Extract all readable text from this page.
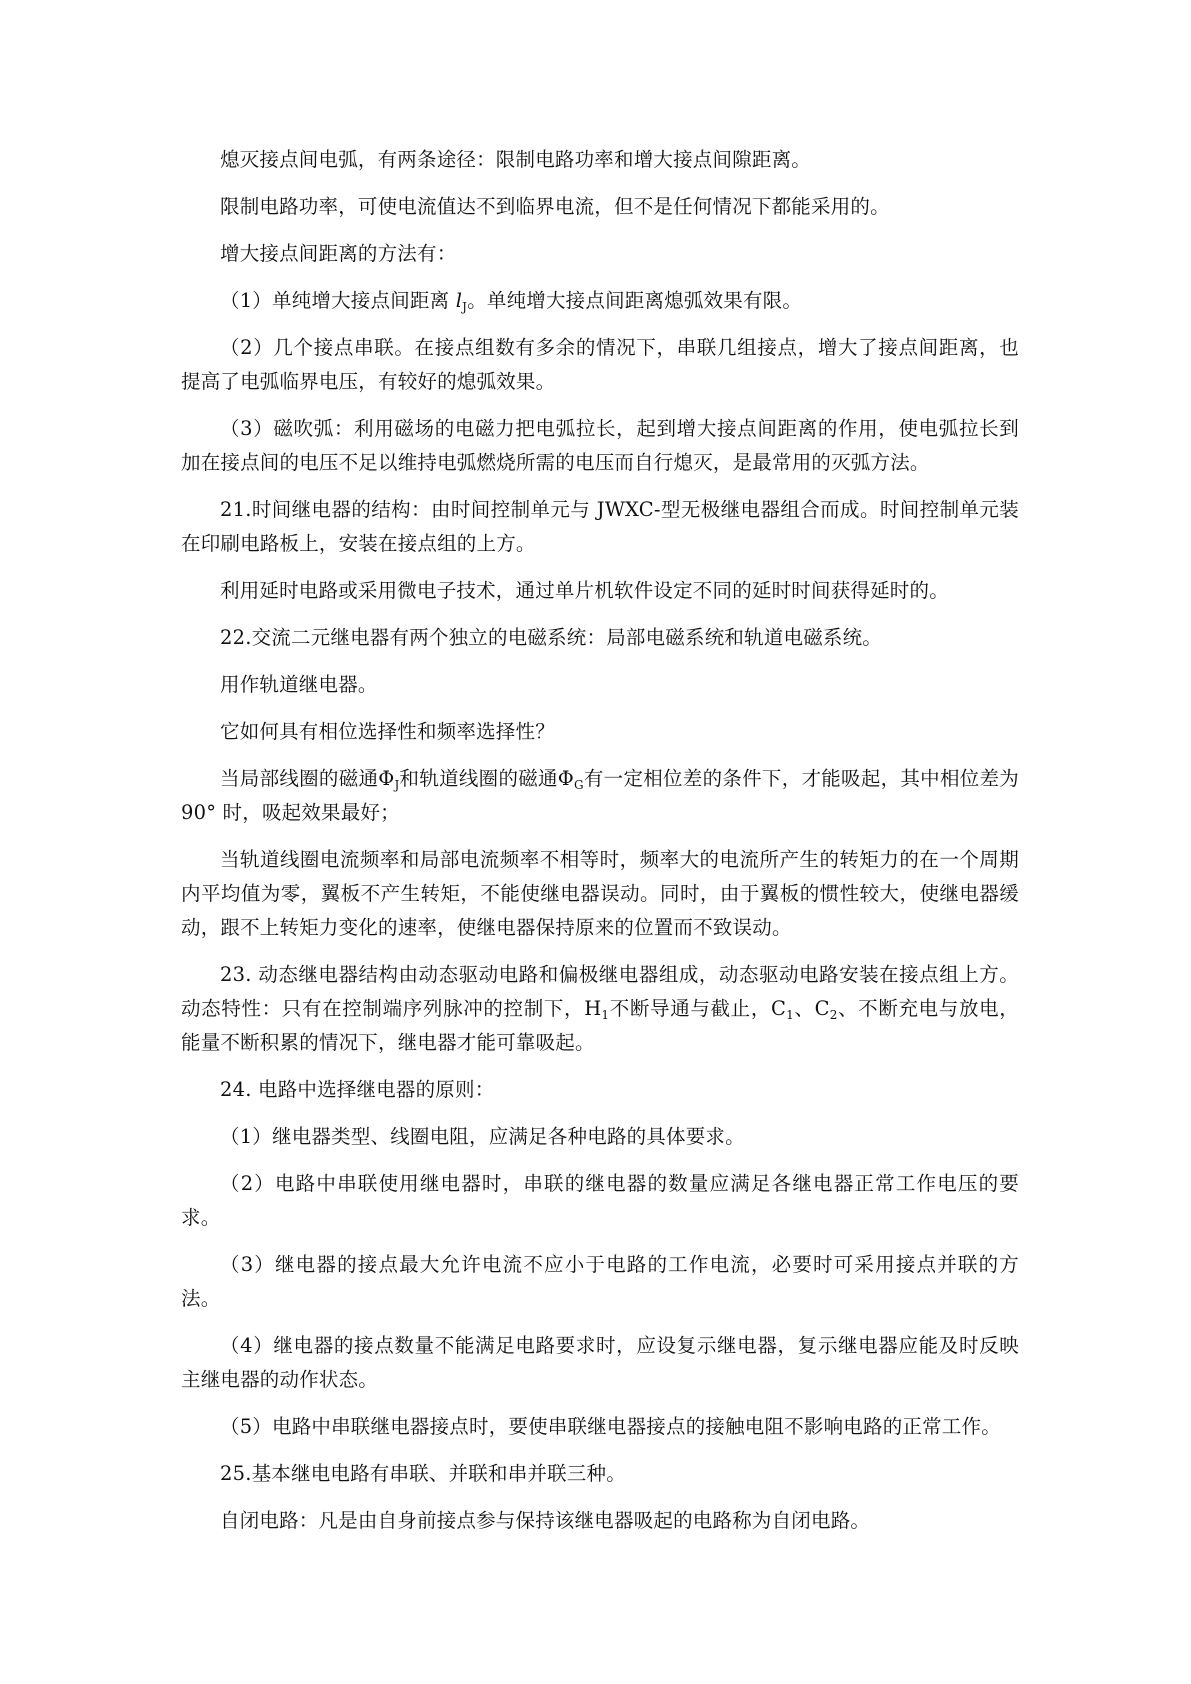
熄灭接点间电弧，有两条途径：限制电路功率和增大接点间隙距离。

限制电路功率，可使电流值达不到临界电流，但不是任何情况下都能采用的。

增大接点间距离的方法有：

（1）单纯增大接点间距离 $l_J$。单纯增大接点间距离熄弧效果有限。

（2）几个接点串联。在接点组数有多余的情况下，串联几组接点，增大了接点间距离，也提高了电弧临界电压，有较好的熄弧效果。

（3）磁吹弧：利用磁场的电磁力把电弧拉长，起到增大接点间距离的作用，使电弧拉长到加在接点间的电压不足以维持电弧燃烧所需的电压而自行熄灭，是最常用的灭弧方法。

21.时间继电器的结构：由时间控制单元与 JWXC-型无极继电器组合而成。时间控制单元装在印刷电路板上，安装在接点组的上方。

利用延时电路或采用微电子技术，通过单片机软件设定不同的延时时间获得延时的。

22.交流二元继电器有两个独立的电磁系统：局部电磁系统和轨道电磁系统。

用作轨道继电器。

它如何具有相位选择性和频率选择性？

当局部线圈的磁通$\Phi_J$和轨道线圈的磁通$\Phi_G$有一定相位差的条件下，才能吸起，其中相位差为 90° 时，吸起效果最好；

当轨道线圈电流频率和局部电流频率不相等时，频率大的电流所产生的转矩力的在一个周期内平均值为零，翼板不产生转矩，不能使继电器误动。同时，由于翼板的惯性较大，使继电器缓动，跟不上转矩力变化的速率，使继电器保持原来的位置而不致误动。

23. 动态继电器结构由动态驱动电路和偏极继电器组成，动态驱动电路安装在接点组上方。动态特性：只有在控制端序列脉冲的控制下，$H_1$不断导通与截止，$C_1$、$C_2$、不断充电与放电，能量不断积累的情况下，继电器才能可靠吸起。

24. 电路中选择继电器的原则：

（1）继电器类型、线圈电阻，应满足各种电路的具体要求。

（2）电路中串联使用继电器时，串联的继电器的数量应满足各继电器正常工作电压的要求。

（3）继电器的接点最大允许电流不应小于电路的工作电流，必要时可采用接点并联的方法。

（4）继电器的接点数量不能满足电路要求时，应设复示继电器，复示继电器应能及时反映主继电器的动作状态。

（5）电路中串联继电器接点时，要使串联继电器接点的接触电阻不影响电路的正常工作。

25.基本继电电路有串联、并联和串并联三种。

自闭电路：凡是由自身前接点参与保持该继电器吸起的电路称为自闭电路。
